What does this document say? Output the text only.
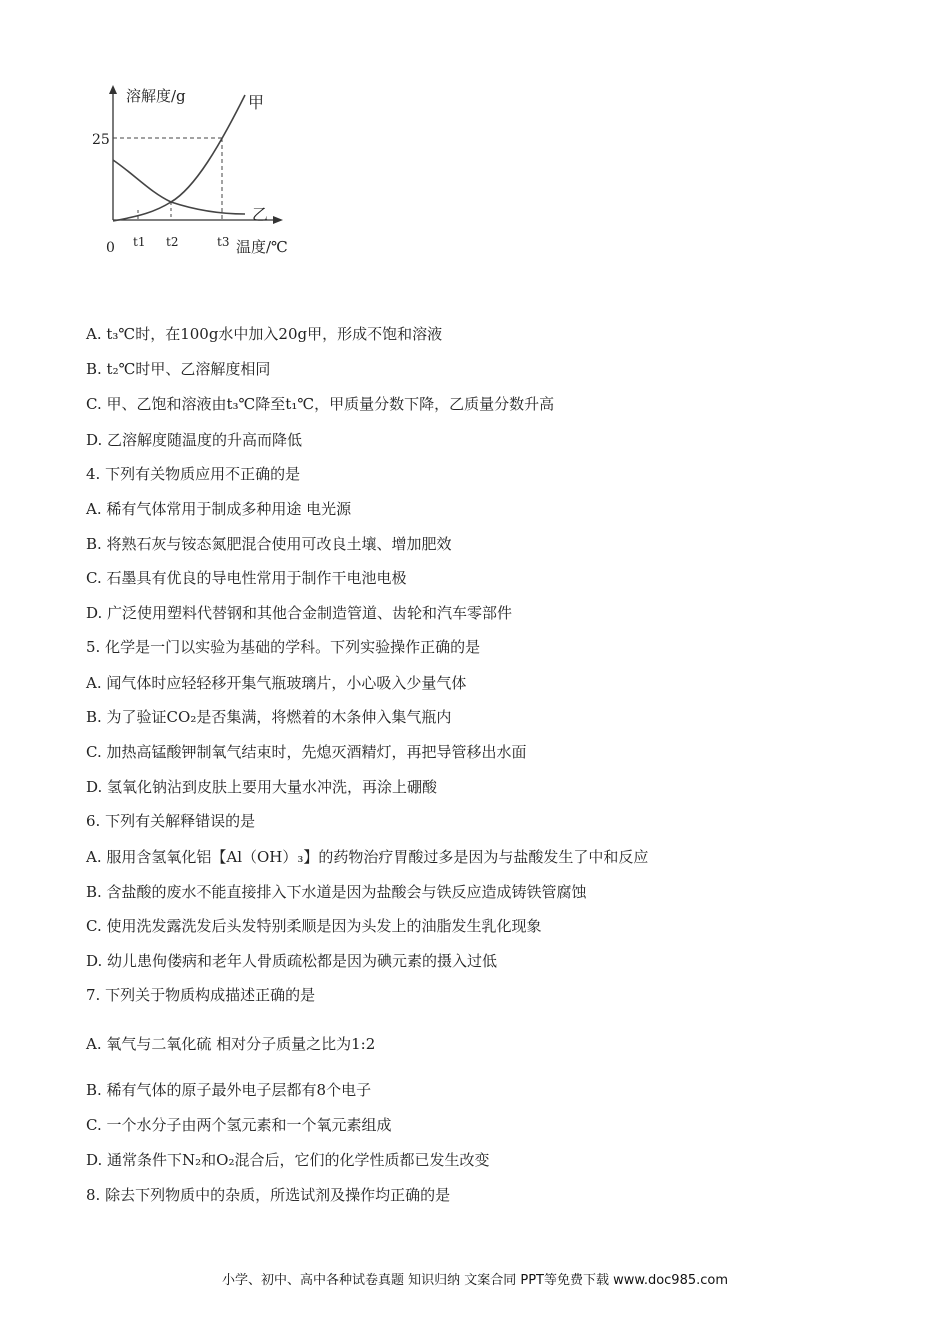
溶解度/g	甲
乙
25
0 t1 t2	t3 温度/℃
A. t₃℃时，在100g水中加入20g甲，形成不饱和溶液
B. t₂℃时甲、乙溶解度相同
C. 甲、乙饱和溶液由t₃℃降至t₁℃，甲质量分数下降，乙质量分数升高
D. 乙溶解度随温度的升高而降低
4. 下列有关物质应用不正确的是
A. 稀有气体常用于制成多种用途 电光源
B. 将熟石灰与铵态氮肥混合使用可改良土壤、增加肥效
C. 石墨具有优良的导电性常用于制作干电池电极
D. 广泛使用塑料代替钢和其他合金制造管道、齿轮和汽车零部件
5. 化学是一门以实验为基础的学科。下列实验操作正确的是
A. 闻气体时应轻轻移开集气瓶玻璃片，小心吸入少量气体
B. 为了验证CO₂是否集满，将燃着的木条伸入集气瓶内
C. 加热高锰酸钾制氧气结束时，先熄灭酒精灯，再把导管移出水面
D. 氢氧化钠沾到皮肤上要用大量水冲洗，再涂上硼酸
6. 下列有关解释错误的是
A. 服用含氢氧化铝【Al（OH）₃】的药物治疗胃酸过多是因为与盐酸发生了中和反应
B. 含盐酸的废水不能直接排入下水道是因为盐酸会与铁反应造成铸铁管腐蚀
C. 使用洗发露洗发后头发特别柔顺是因为头发上的油脂发生乳化现象
D. 幼儿患佝偻病和老年人骨质疏松都是因为碘元素的摄入过低
7. 下列关于物质构成描述正确的是
A. 氧气与二氧化硫 相对分子质量之比为1:2
B. 稀有气体的原子最外电子层都有8个电子
C. 一个水分子由两个氢元素和一个氧元素组成
D. 通常条件下N₂和O₂混合后，它们的化学性质都已发生改变
8. 除去下列物质中的杂质，所选试剂及操作均正确的是
小学、初中、高中各种试卷真题 知识归纳 文案合同 PPT等免费下载 www.doc985.com
